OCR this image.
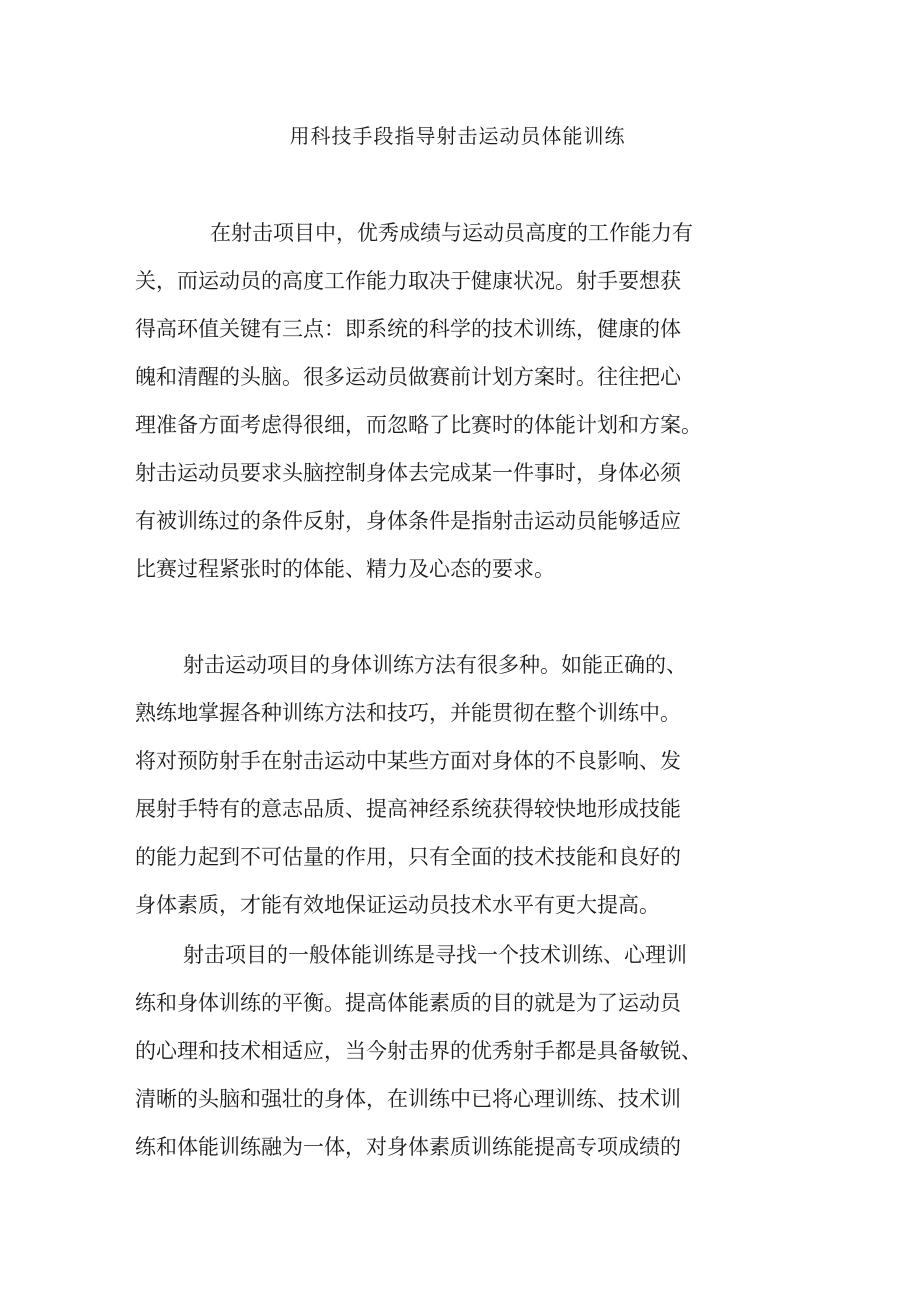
用科技手段指导射击运动员体能训练

在射击项目中，优秀成绩与运动员高度的工作能力有

关，而运动员的高度工作能力取决于健康状况。射手要想获

得高环值关键有三点：即系统的科学的技术训练，健康的体

魄和清醒的头脑。很多运动员做赛前计划方案时。往往把心

理准备方面考虑得很细，而忽略了比赛时的体能计划和方案。

射击运动员要求头脑控制身体去完成某一件事时，身体必须

有被训练过的条件反射，身体条件是指射击运动员能够适应

比赛过程紧张时的体能、精力及心态的要求。

射击运动项目的身体训练方法有很多种。如能正确的、

熟练地掌握各种训练方法和技巧，并能贯彻在整个训练中。

将对预防射手在射击运动中某些方面对身体的不良影响、发

展射手特有的意志品质、提高神经系统获得较快地形成技能

的能力起到不可估量的作用，只有全面的技术技能和良好的

身体素质，才能有效地保证运动员技术水平有更大提高。

射击项目的一般体能训练是寻找一个技术训练、心理训

练和身体训练的平衡。提高体能素质的目的就是为了运动员

的心理和技术相适应，当今射击界的优秀射手都是具备敏锐、

清晰的头脑和强壮的身体，在训练中已将心理训练、技术训

练和体能训练融为一体，对身体素质训练能提高专项成绩的
